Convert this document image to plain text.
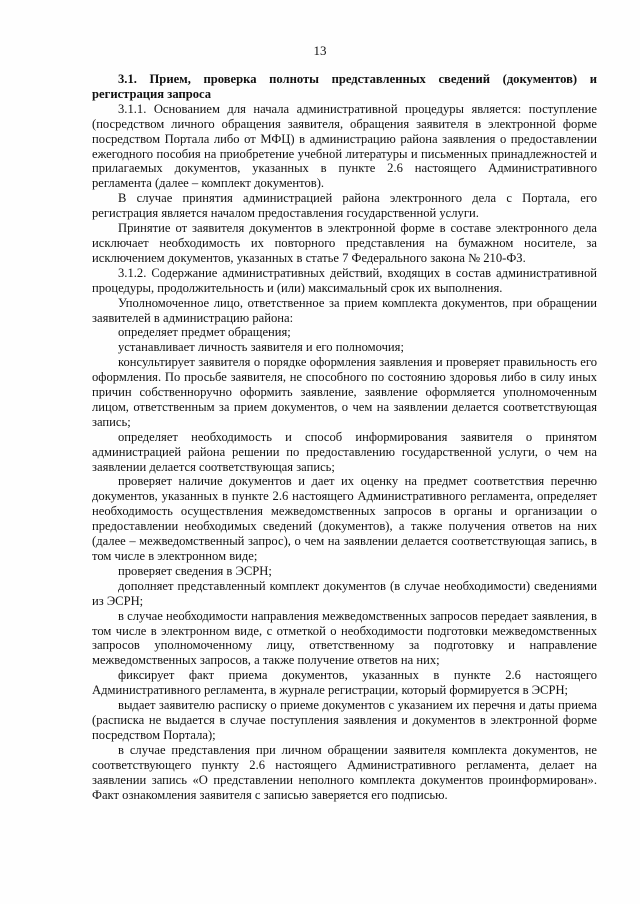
13

3.1. Прием, проверка полноты представленных сведений (документов) и регистрация запроса

3.1.1. Основанием для начала административной процедуры является: поступление (посредством личного обращения заявителя, обращения заявителя в электронной форме посредством Портала либо от МФЦ) в администрацию района заявления о предоставлении ежегодного пособия на приобретение учебной литературы и письменных принадлежностей и прилагаемых документов, указанных в пункте 2.6 настоящего Административного регламента (далее – комплект документов).

В случае принятия администрацией района электронного дела с Портала, его регистрация является началом предоставления государственной услуги.

Принятие от заявителя документов в электронной форме в составе электронного дела исключает необходимость их повторного представления на бумажном носителе, за исключением документов, указанных в статье 7 Федерального закона № 210-ФЗ.

3.1.2. Содержание административных действий, входящих в состав административной процедуры, продолжительность и (или) максимальный срок их выполнения.

Уполномоченное лицо, ответственное за прием комплекта документов, при обращении заявителей в администрацию района:

определяет предмет обращения;

устанавливает личность заявителя и его полномочия;

консультирует заявителя о порядке оформления заявления и проверяет правильность его оформления. По просьбе заявителя, не способного по состоянию здоровья либо в силу иных причин собственноручно оформить заявление, заявление оформляется уполномоченным лицом, ответственным за прием документов, о чем на заявлении делается соответствующая запись;

определяет необходимость и способ информирования заявителя о принятом администрацией района решении по предоставлению государственной услуги, о чем на заявлении делается соответствующая запись;

проверяет наличие документов и дает их оценку на предмет соответствия перечню документов, указанных в пункте 2.6 настоящего Административного регламента, определяет необходимость осуществления межведомственных запросов в органы и организации о предоставлении необходимых сведений (документов), а также получения ответов на них (далее – межведомственный запрос), о чем на заявлении делается соответствующая запись, в том числе в электронном виде;

проверяет сведения в ЭСРН;

дополняет представленный комплект документов (в случае необходимости) сведениями из ЭСРН;

в случае необходимости направления межведомственных запросов передает заявления, в том числе в электронном виде, с отметкой о необходимости подготовки межведомственных запросов уполномоченному лицу, ответственному за подготовку и направление межведомственных запросов, а также получение ответов на них;

фиксирует факт приема документов, указанных в пункте 2.6 настоящего Административного регламента, в журнале регистрации, который формируется в ЭСРН;

выдает заявителю расписку о приеме документов с указанием их перечня и даты приема (расписка не выдается в случае поступления заявления и документов в электронной форме посредством Портала);

в случае представления при личном обращении заявителя комплекта документов, не соответствующего пункту 2.6 настоящего Административного регламента, делает на заявлении запись «О представлении неполного комплекта документов проинформирован». Факт ознакомления заявителя с записью заверяется его подписью.
